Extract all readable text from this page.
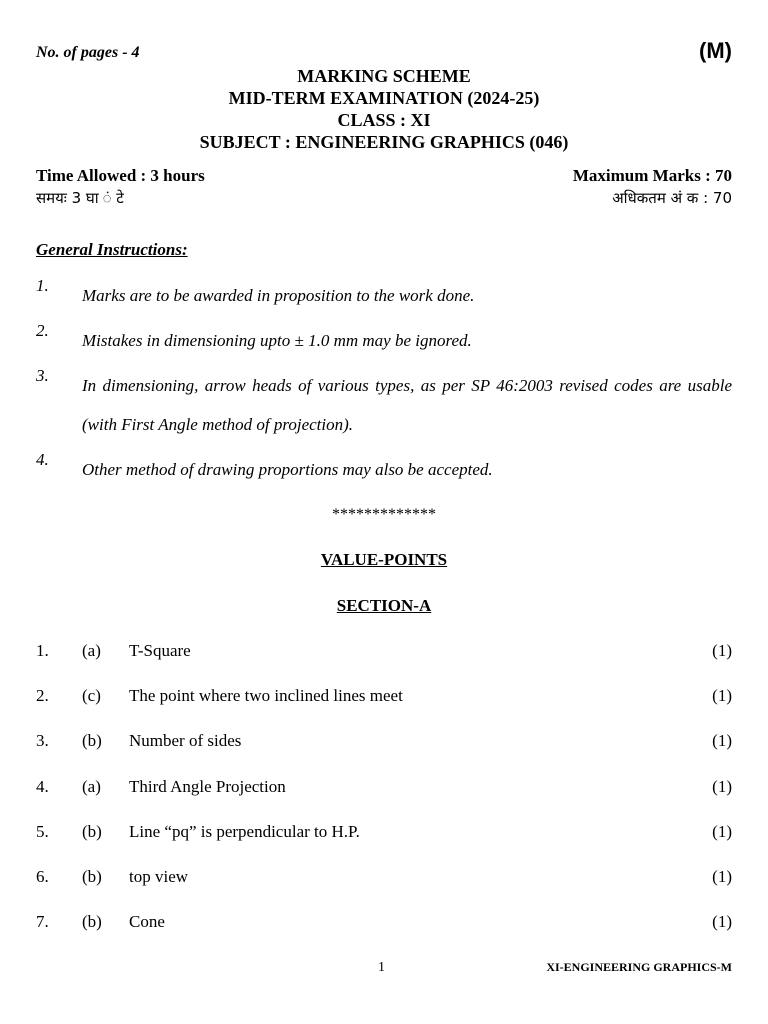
No. of pages - 4	(M)
MARKING SCHEME
MID-TERM EXAMINATION (2024-25)
CLASS : XI
SUBJECT : ENGINEERING GRAPHICS (046)
Time Allowed : 3 hours	Maximum Marks : 70
समयः 3 घा ं टे	अधिकतम अं क : 70
General Instructions:
1.
Marks are to be awarded in proposition to the work done.
2.
Mistakes in dimensioning upto ± 1.0 mm may be ignored.
3.
In dimensioning, arrow heads of various types, as per SP 46:2003 revised codes are usable (with First Angle method of projection).
4.
Other method of drawing proportions may also be accepted.
*************
VALUE-POINTS
SECTION-A
1. (a) T-Square	(1)
2. (c) The point where two inclined lines meet	(1)
3. (b) Number of sides	(1)
4. (a) Third Angle Projection	(1)
5. (b) Line “pq” is perpendicular to H.P.	(1)
6. (b) top view	(1)
7. (b) Cone	(1)
1	XI-ENGINEERING GRAPHICS-M
